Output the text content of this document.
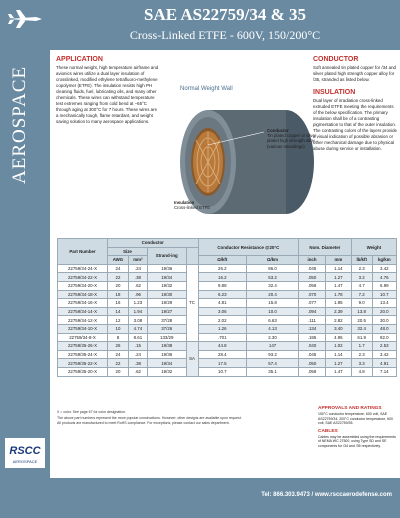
AEROSPACE
RSCC
AEROSPACE
SAE AS22759/34 & 35
Cross-Linked ETFE - 600V, 150/200°C
APPLICATION
These normal weight, high temperature airframe and avionics wires utilize a dual layer insulation of crosslinked, modified ethylene tetrafluoro-methylene copolymer (ETFE). The insulation resists high PH cleaning fluids, fuel, lubricating oils, and many other chemicals. These wires can withstand temperature test extremes ranging from cold bend at −65°C through aging at 300°C for 7 hours. These wires are a mechanically tough, flame retardant, and weight saving solution to many aerospace applications.
Normal Weight Wall
Conductor
Tin plated copper or silver plated high strength alloy (various strandings)
Insulation
Cross-linked ETFE
CONDUCTOR
Soft annealed tin plated copper for /34 and silver plated high strength copper alloy for /35, stranded as listed below.
INSULATION
Dual layer of irradiation cross-linked extruded ETFE meeting the requirements of the below specification. The primary insulation shall be of a contrasting pigmentation to that of the outer insulation. The contrasting colors of the layers provide a visual indication of possible abrasion or other mechanical damage due to physical abuse during service or installation.
Part Number	Conductor				Conductor Resistance @20°C		Nom. Diameter		Weight	
	Size		Strand-ing							
	AWG	mm²			Ω/kft	Ω/km	inch	mm	lb/kft	kg/km
22759/34-24-X	24	.24	19/36	TC	26.2	86.0	.045	1.14	2.3	3.42
22759/34-22-X	22	.38	19/34		16.2	53.2	.050	1.27	3.2	4.76
22759/34-20-X	20	.62	19/32		9.88	32.4	.058	1.47	4.7	6.99
22759/34-18-X	18	.96	19/30		6.23	20.4	.070	1.78	7.2	10.7
22759/34-16-X	16	1.23	19/29		4.81	15.8	.077	1.95	9.0	13.4
22759/34-14-X	14	1.94	19/27		3.06	10.0	.094	2.39	13.8	20.0
22759/34-12-X	12	3.08	37/28		2.02	6.63	.111	2.82	20.5	30.0
22759/34-10-X	10	4.74	37/26		1.26	4.13	.134	3.40	32.4	48.0
22759/34-8-X	8	8.61	133/29		.701	2.30	.195	4.95	61.9	92.0
22759/35-26-X	26	.15	19/38	SA	44.8	147	.040	1.02	1.7	2.53
22759/35-24-X	24	.24	19/36		28.4	93.2	.045	1.14	2.3	3.42
22759/35-22-X	22	.38	19/34		17.5	57.4	.050	1.27	3.3	4.91
22759/35-20-X	20	.62	19/32		10.7	35.1	.058	1.47	4.8	7.14
X = color. See page 67 for color designation.
The above part numbers represent the more popular constructions. However, other designs are available upon request.
All products are manufactured to meet RoHS compliance. For exceptions, please contact our sales department.
APPROVALS AND RATINGS
150°C conductor temperature, 600 volt, SAE AS22759/34. 200°C conductor temperature, 600 volt, SAE AS22759/35.
CABLES
Cables may be assembled using the requirements of NEMA WC 27500, using Type SD and SE components for /34 and /35 respectively.
Tel: 866.303.9473 / www.rsccaerodefense.com
